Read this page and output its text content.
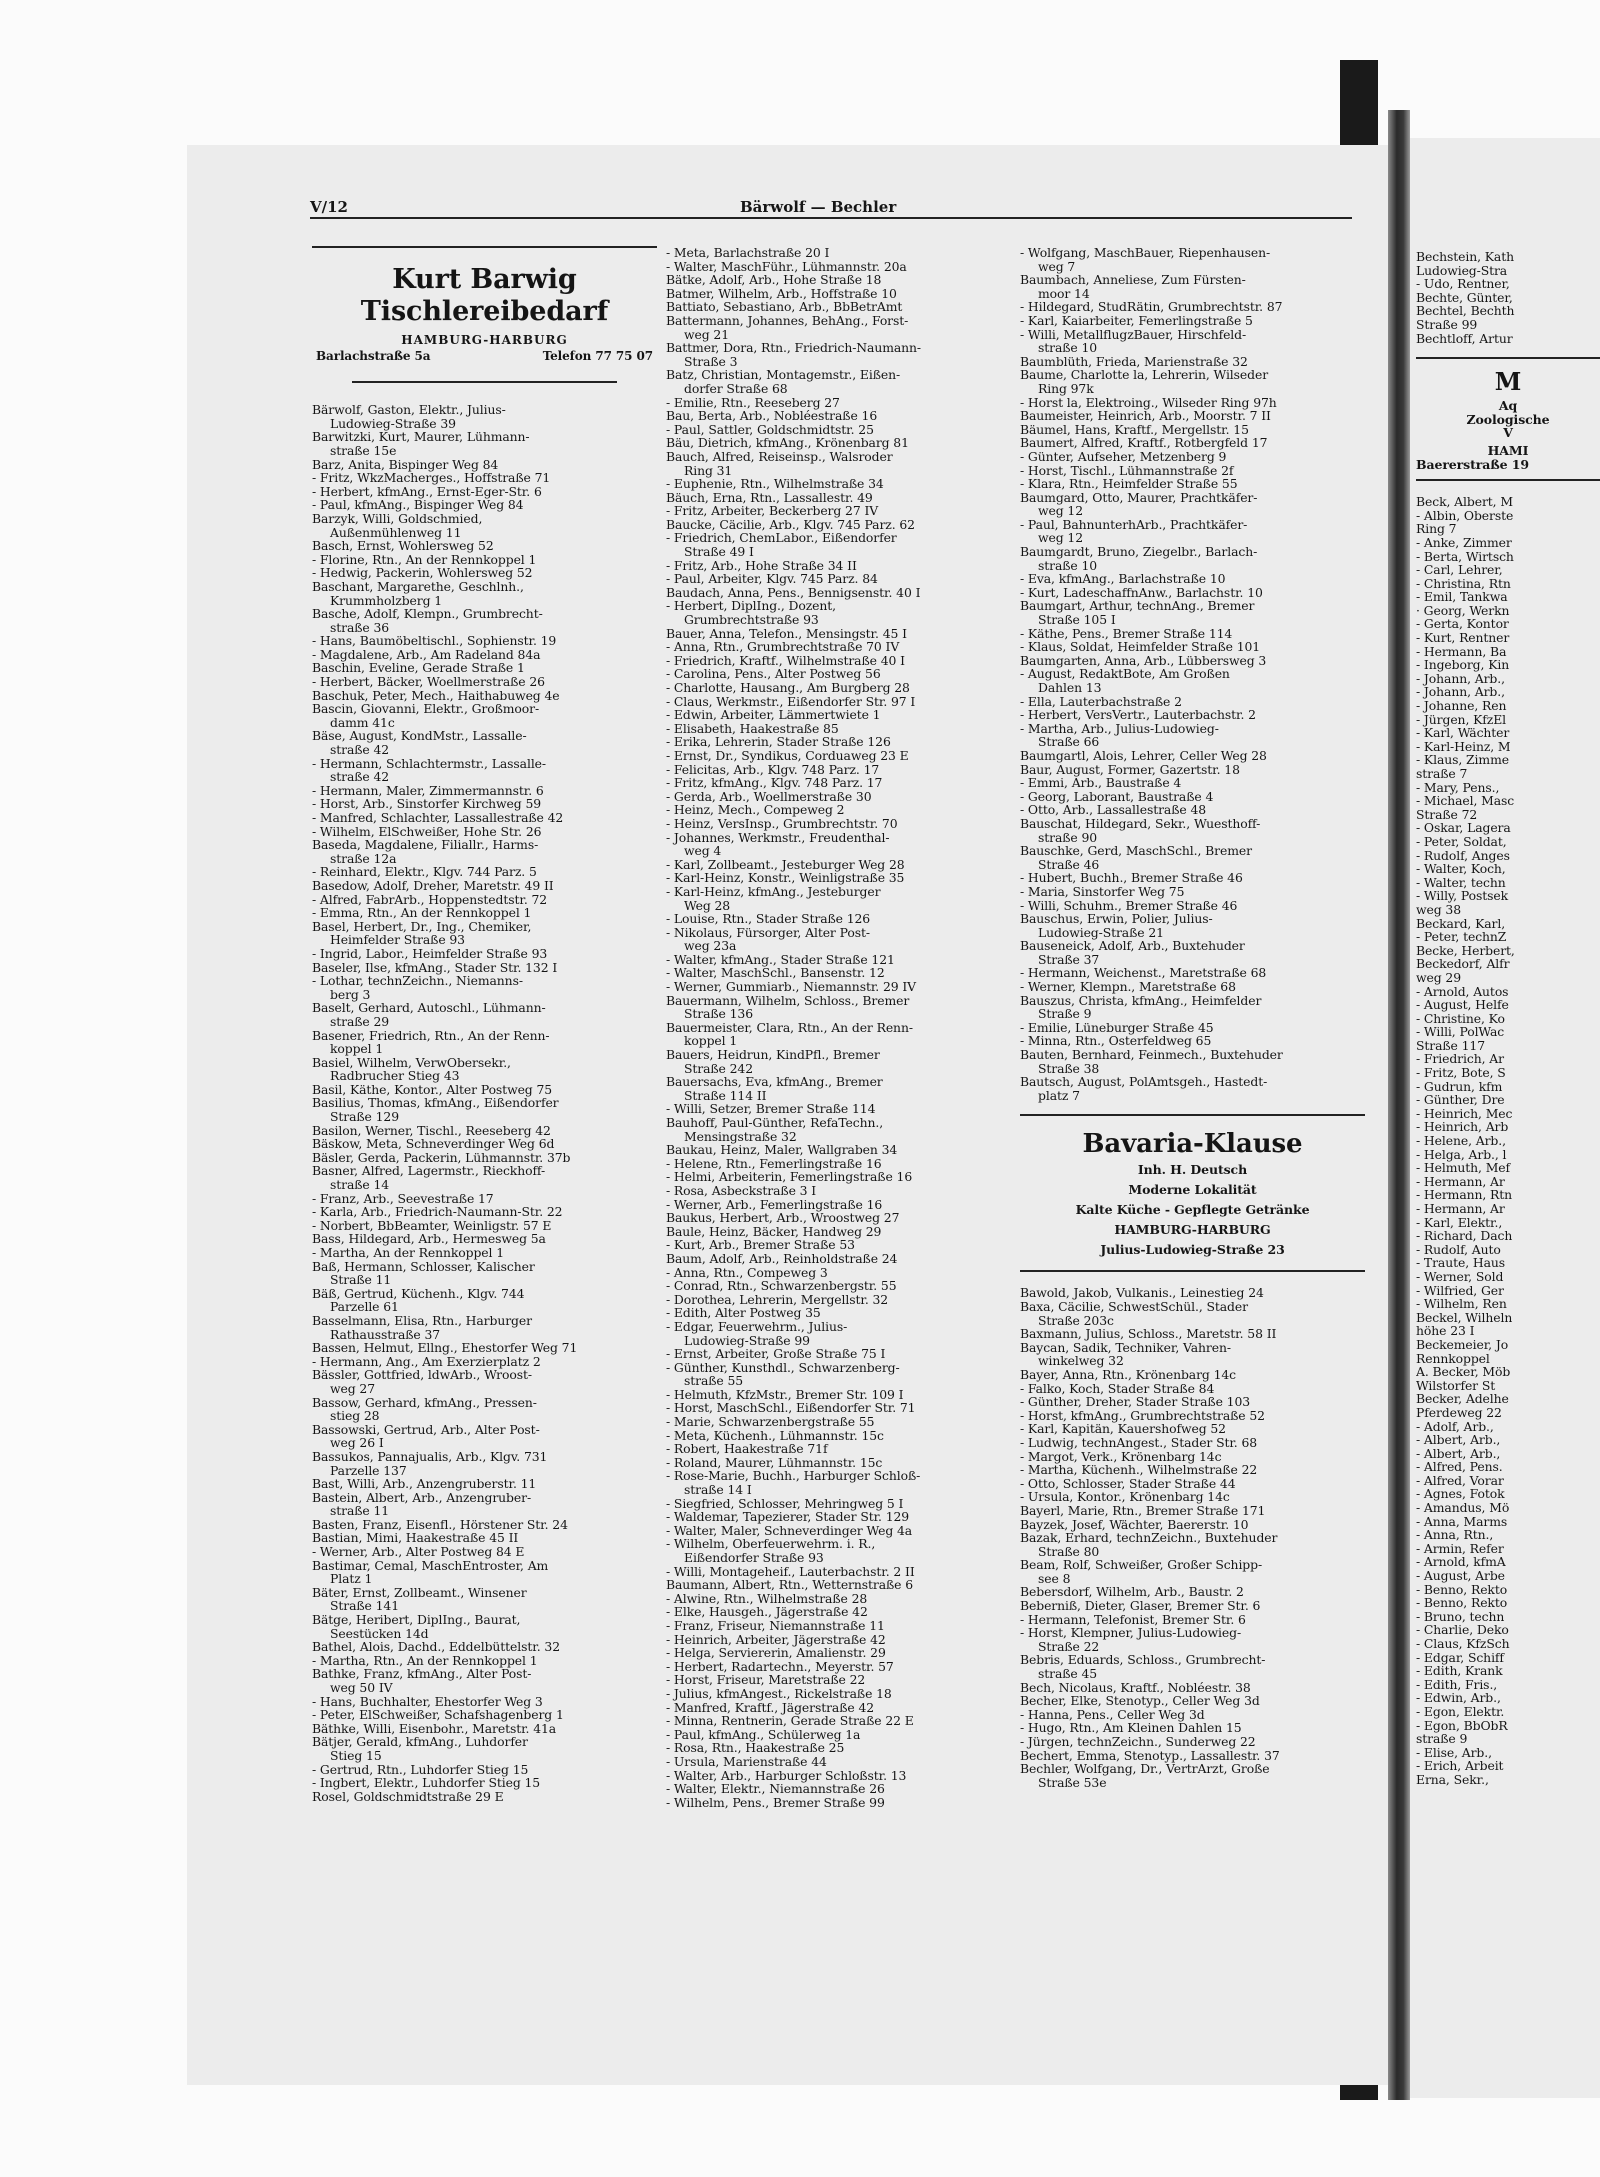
V/12	Bärwolf — Bechler
Kurt Barwig
Tischlereibedarf
HAMBURG-HARBURG
Barlachstraße 5a	Telefon 77 75 07
Bärwolf, Gaston, Elektr., Julius-
Ludowieg-Straße 39
Barwitzki, Kurt, Maurer, Lühmann-
straße 15e
Barz, Anita, Bispinger Weg 84
- Fritz, WkzMacherges., Hoffstraße 71
- Herbert, kfmAng., Ernst-Eger-Str. 6
- Paul, kfmAng., Bispinger Weg 84
Barzyk, Willi, Goldschmied,
Außenmühlenweg 11
Basch, Ernst, Wohlersweg 52
- Florine, Rtn., An der Rennkoppel 1
- Hedwig, Packerin, Wohlersweg 52
Baschant, Margarethe, Geschlnh.,
Krummholzberg 1
Basche, Adolf, Klempn., Grumbrecht-
straße 36
- Hans, Baumöbeltischl., Sophienstr. 19
- Magdalene, Arb., Am Radeland 84a
Baschin, Eveline, Gerade Straße 1
- Herbert, Bäcker, Woellmerstraße 26
Baschuk, Peter, Mech., Haithabuweg 4e
Bascin, Giovanni, Elektr., Großmoor-
damm 41c
Bäse, August, KondMstr., Lassalle-
straße 42
- Hermann, Schlachtermstr., Lassalle-
straße 42
- Hermann, Maler, Zimmermannstr. 6
- Horst, Arb., Sinstorfer Kirchweg 59
- Manfred, Schlachter, Lassallestraße 42
- Wilhelm, ElSchweißer, Hohe Str. 26
Baseda, Magdalene, Filiallr., Harms-
straße 12a
- Reinhard, Elektr., Klgv. 744 Parz. 5
Basedow, Adolf, Dreher, Maretstr. 49 II
- Alfred, FabrArb., Hoppenstedtstr. 72
- Emma, Rtn., An der Rennkoppel 1
Basel, Herbert, Dr., Ing., Chemiker,
Heimfelder Straße 93
- Ingrid, Labor., Heimfelder Straße 93
Baseler, Ilse, kfmAng., Stader Str. 132 I
- Lothar, technZeichn., Niemanns-
berg 3
Baselt, Gerhard, Autoschl., Lühmann-
straße 29
Basener, Friedrich, Rtn., An der Renn-
koppel 1
Basiel, Wilhelm, VerwObersekr.,
Radbrucher Stieg 43
Basil, Käthe, Kontor., Alter Postweg 75
Basilius, Thomas, kfmAng., Eißendorfer
Straße 129
Basilon, Werner, Tischl., Reeseberg 42
Bäskow, Meta, Schneverdinger Weg 6d
Bäsler, Gerda, Packerin, Lühmannstr. 37b
Basner, Alfred, Lagermstr., Rieckhoff-
straße 14
- Franz, Arb., Seevestraße 17
- Karla, Arb., Friedrich-Naumann-Str. 22
- Norbert, BbBeamter, Weinligstr. 57 E
Bass, Hildegard, Arb., Hermesweg 5a
- Martha, An der Rennkoppel 1
Baß, Hermann, Schlosser, Kalischer
Straße 11
Bäß, Gertrud, Küchenh., Klgv. 744
Parzelle 61
Basselmann, Elisa, Rtn., Harburger
Rathausstraße 37
Bassen, Helmut, Ellng., Ehestorfer Weg 71
- Hermann, Ang., Am Exerzierplatz 2
Bässler, Gottfried, ldwArb., Wroost-
weg 27
Bassow, Gerhard, kfmAng., Pressen-
stieg 28
Bassowski, Gertrud, Arb., Alter Post-
weg 26 I
Bassukos, Pannajualis, Arb., Klgv. 731
Parzelle 137
Bast, Willi, Arb., Anzengruberstr. 11
Bastein, Albert, Arb., Anzengruber-
straße 11
Basten, Franz, Eisenfl., Hörstener Str. 24
Bastian, Mimi, Haakestraße 45 II
- Werner, Arb., Alter Postweg 84 E
Bastimar, Cemal, MaschEntroster, Am
Platz 1
Bäter, Ernst, Zollbeamt., Winsener
Straße 141
Bätge, Heribert, DiplIng., Baurat,
Seestücken 14d
Bathel, Alois, Dachd., Eddelbüttelstr. 32
- Martha, Rtn., An der Rennkoppel 1
Bathke, Franz, kfmAng., Alter Post-
weg 50 IV
- Hans, Buchhalter, Ehestorfer Weg 3
- Peter, ElSchweißer, Schafshagenberg 1
Bäthke, Willi, Eisenbohr., Maretstr. 41a
Bätjer, Gerald, kfmAng., Luhdorfer
Stieg 15
- Gertrud, Rtn., Luhdorfer Stieg 15
- Ingbert, Elektr., Luhdorfer Stieg 15
Rosel, Goldschmidtstraße 29 E
- Meta, Barlachstraße 20 I
- Walter, MaschFühr., Lühmannstr. 20a
Bätke, Adolf, Arb., Hohe Straße 18
Batmer, Wilhelm, Arb., Hoffstraße 10
Battiato, Sebastiano, Arb., BbBetrAmt
Battermann, Johannes, BehAng., Forst-
weg 21
Battmer, Dora, Rtn., Friedrich-Naumann-
Straße 3
Batz, Christian, Montagemstr., Eißen-
dorfer Straße 68
- Emilie, Rtn., Reeseberg 27
Bau, Berta, Arb., Nobléestraße 16
- Paul, Sattler, Goldschmidtstr. 25
Bäu, Dietrich, kfmAng., Krönenbarg 81
Bauch, Alfred, Reiseinsp., Walsroder
Ring 31
- Euphenie, Rtn., Wilhelmstraße 34
Bäuch, Erna, Rtn., Lassallestr. 49
- Fritz, Arbeiter, Beckerberg 27 IV
Baucke, Cäcilie, Arb., Klgv. 745 Parz. 62
- Friedrich, ChemLabor., Eißendorfer
Straße 49 I
- Fritz, Arb., Hohe Straße 34 II
- Paul, Arbeiter, Klgv. 745 Parz. 84
Baudach, Anna, Pens., Bennigsenstr. 40 I
- Herbert, DiplIng., Dozent,
Grumbrechtstraße 93
Bauer, Anna, Telefon., Mensingstr. 45 I
- Anna, Rtn., Grumbrechtstraße 70 IV
- Friedrich, Kraftf., Wilhelmstraße 40 I
- Carolina, Pens., Alter Postweg 56
- Charlotte, Hausang., Am Burgberg 28
- Claus, Werkmstr., Eißendorfer Str. 97 I
- Edwin, Arbeiter, Lämmertwiete 1
- Elisabeth, Haakestraße 85
- Erika, Lehrerin, Stader Straße 126
- Ernst, Dr., Syndikus, Corduaweg 23 E
- Felicitas, Arb., Klgv. 748 Parz. 17
- Fritz, kfmAng., Klgv. 748 Parz. 17
- Gerda, Arb., Woellmerstraße 30
- Heinz, Mech., Compeweg 2
- Heinz, VersInsp., Grumbrechtstr. 70
- Johannes, Werkmstr., Freudenthal-
weg 4
- Karl, Zollbeamt., Jesteburger Weg 28
- Karl-Heinz, Konstr., Weinligstraße 35
- Karl-Heinz, kfmAng., Jesteburger
Weg 28
- Louise, Rtn., Stader Straße 126
- Nikolaus, Fürsorger, Alter Post-
weg 23a
- Walter, kfmAng., Stader Straße 121
- Walter, MaschSchl., Bansenstr. 12
- Werner, Gummiarb., Niemannstr. 29 IV
Bauermann, Wilhelm, Schloss., Bremer
Straße 136
Bauermeister, Clara, Rtn., An der Renn-
koppel 1
Bauers, Heidrun, KindPfl., Bremer
Straße 242
Bauersachs, Eva, kfmAng., Bremer
Straße 114 II
- Willi, Setzer, Bremer Straße 114
Bauhoff, Paul-Günther, RefaTechn.,
Mensingstraße 32
Baukau, Heinz, Maler, Wallgraben 34
- Helene, Rtn., Femerlingstraße 16
- Helmi, Arbeiterin, Femerlingstraße 16
- Rosa, Asbeckstraße 3 I
- Werner, Arb., Femerlingstraße 16
Baukus, Herbert, Arb., Wroostweg 27
Baule, Heinz, Bäcker, Handweg 29
- Kurt, Arb., Bremer Straße 53
Baum, Adolf, Arb., Reinholdstraße 24
- Anna, Rtn., Compeweg 3
- Conrad, Rtn., Schwarzenbergstr. 55
- Dorothea, Lehrerin, Mergellstr. 32
- Edith, Alter Postweg 35
- Edgar, Feuerwehrm., Julius-
Ludowieg-Straße 99
- Ernst, Arbeiter, Große Straße 75 I
- Günther, Kunsthdl., Schwarzenberg-
straße 55
- Helmuth, KfzMstr., Bremer Str. 109 I
- Horst, MaschSchl., Eißendorfer Str. 71
- Marie, Schwarzenbergstraße 55
- Meta, Küchenh., Lühmannstr. 15c
- Robert, Haakestraße 71f
- Roland, Maurer, Lühmannstr. 15c
- Rose-Marie, Buchh., Harburger Schloß-
straße 14 I
- Siegfried, Schlosser, Mehringweg 5 I
- Waldemar, Tapezierer, Stader Str. 129
- Walter, Maler, Schneverdinger Weg 4a
- Wilhelm, Oberfeuerwehrm. i. R.,
Eißendorfer Straße 93
- Willi, Montageheif., Lauterbachstr. 2 II
Baumann, Albert, Rtn., Wetternstraße 6
- Alwine, Rtn., Wilhelmstraße 28
- Elke, Hausgeh., Jägerstraße 42
- Franz, Friseur, Niemannstraße 11
- Heinrich, Arbeiter, Jägerstraße 42
- Helga, Serviererin, Amalienstr. 29
- Herbert, Radartechn., Meyerstr. 57
- Horst, Friseur, Maretstraße 22
- Julius, kfmAngest., Rickelstraße 18
- Manfred, Kraftf., Jägerstraße 42
- Minna, Rentnerin, Gerade Straße 22 E
- Paul, kfmAng., Schülerweg 1a
- Rosa, Rtn., Haakestraße 25
- Ursula, Marienstraße 44
- Walter, Arb., Harburger Schloßstr. 13
- Walter, Elektr., Niemannstraße 26
- Wilhelm, Pens., Bremer Straße 99
- Wolfgang, MaschBauer, Riepenhausen-
weg 7
Baumbach, Anneliese, Zum Fürsten-
moor 14
- Hildegard, StudRätin, Grumbrechtstr. 87
- Karl, Kaiarbeiter, Femerlingstraße 5
- Willi, MetallflugzBauer, Hirschfeld-
straße 10
Baumblüth, Frieda, Marienstraße 32
Baume, Charlotte la, Lehrerin, Wilseder
Ring 97k
- Horst la, Elektroing., Wilseder Ring 97h
Baumeister, Heinrich, Arb., Moorstr. 7 II
Bäumel, Hans, Kraftf., Mergellstr. 15
Baumert, Alfred, Kraftf., Rotbergfeld 17
- Günter, Aufseher, Metzenberg 9
- Horst, Tischl., Lühmannstraße 2f
- Klara, Rtn., Heimfelder Straße 55
Baumgard, Otto, Maurer, Prachtkäfer-
weg 12
- Paul, BahnunterhArb., Prachtkäfer-
weg 12
Baumgardt, Bruno, Ziegelbr., Barlach-
straße 10
- Eva, kfmAng., Barlachstraße 10
- Kurt, LadeschaffnAnw., Barlachstr. 10
Baumgart, Arthur, technAng., Bremer
Straße 105 I
- Käthe, Pens., Bremer Straße 114
- Klaus, Soldat, Heimfelder Straße 101
Baumgarten, Anna, Arb., Lübbersweg 3
- August, RedaktBote, Am Großen
Dahlen 13
- Ella, Lauterbachstraße 2
- Herbert, VersVertr., Lauterbachstr. 2
- Martha, Arb., Julius-Ludowieg-
Straße 66
Baumgartl, Alois, Lehrer, Celler Weg 28
Baur, August, Former, Gazertstr. 18
- Emmi, Arb., Baustraße 4
- Georg, Laborant, Baustraße 4
- Otto, Arb., Lassallestraße 48
Bauschat, Hildegard, Sekr., Wuesthoff-
straße 90
Bauschke, Gerd, MaschSchl., Bremer
Straße 46
- Hubert, Buchh., Bremer Straße 46
- Maria, Sinstorfer Weg 75
- Willi, Schuhm., Bremer Straße 46
Bauschus, Erwin, Polier, Julius-
Ludowieg-Straße 21
Bauseneick, Adolf, Arb., Buxtehuder
Straße 37
- Hermann, Weichenst., Maretstraße 68
- Werner, Klempn., Maretstraße 68
Bauszus, Christa, kfmAng., Heimfelder
Straße 9
- Emilie, Lüneburger Straße 45
- Minna, Rtn., Osterfeldweg 65
Bauten, Bernhard, Feinmech., Buxtehuder
Straße 38
Bautsch, August, PolAmtsgeh., Hastedt-
platz 7
Bavaria-Klause
Inh. H. Deutsch
Moderne Lokalität
Kalte Küche - Gepflegte Getränke
HAMBURG-HARBURG
Julius-Ludowieg-Straße 23
Bawold, Jakob, Vulkanis., Leinestieg 24
Baxa, Cäcilie, SchwestSchül., Stader
Straße 203c
Baxmann, Julius, Schloss., Maretstr. 58 II
Baycan, Sadik, Techniker, Vahren-
winkelweg 32
Bayer, Anna, Rtn., Krönenbarg 14c
- Falko, Koch, Stader Straße 84
- Günther, Dreher, Stader Straße 103
- Horst, kfmAng., Grumbrechtstraße 52
- Karl, Kapitän, Kauershofweg 52
- Ludwig, technAngest., Stader Str. 68
- Margot, Verk., Krönenbarg 14c
- Martha, Küchenh., Wilhelmstraße 22
- Otto, Schlosser, Stader Straße 44
- Ursula, Kontor., Krönenbarg 14c
Bayerl, Marie, Rtn., Bremer Straße 171
Bayzek, Josef, Wächter, Baererstr. 10
Bazak, Erhard, technZeichn., Buxtehuder
Straße 80
Beam, Rolf, Schweißer, Großer Schipp-
see 8
Bebersdorf, Wilhelm, Arb., Baustr. 2
Beberniß, Dieter, Glaser, Bremer Str. 6
- Hermann, Telefonist, Bremer Str. 6
- Horst, Klempner, Julius-Ludowieg-
Straße 22
Bebris, Eduards, Schloss., Grumbrecht-
straße 45
Bech, Nicolaus, Kraftf., Nobléestr. 38
Becher, Elke, Stenotyp., Celler Weg 3d
- Hanna, Pens., Celler Weg 3d
- Hugo, Rtn., Am Kleinen Dahlen 15
- Jürgen, technZeichn., Sunderweg 22
Bechert, Emma, Stenotyp., Lassallestr. 37
Bechler, Wolfgang, Dr., VertrArzt, Große
Straße 53e
Bechstein, Kath
Ludowieg-Stra
- Udo, Rentner,
Bechte, Günter,
Bechtel, Bechth
Straße 99
Bechtloff, Artur
M
Aq
Zoologische
V
HAMI
Baererstraße 19
Beck, Albert, M
- Albin, Oberste
Ring 7
- Anke, Zimmer
- Berta, Wirtsch
- Carl, Lehrer,
- Christina, Rtn
- Emil, Tankwa
· Georg, Werkn
- Gerta, Kontor
- Kurt, Rentner
- Hermann, Ba
- Ingeborg, Kin
- Johann, Arb.,
- Johann, Arb.,
- Johanne, Ren
- Jürgen, KfzEl
- Karl, Wächter
- Karl-Heinz, M
- Klaus, Zimme
straße 7
- Mary, Pens.,
- Michael, Masc
Straße 72
- Oskar, Lagera
- Peter, Soldat,
- Rudolf, Anges
- Walter, Koch,
- Walter, techn
- Willy, Postsek
weg 38
Beckard, Karl,
- Peter, technZ
Becke, Herbert,
Beckedorf, Alfr
weg 29
- Arnold, Autos
- August, Helfe
- Christine, Ko
- Willi, PolWac
Straße 117
- Friedrich, Ar
- Fritz, Bote, S
- Gudrun, kfm
- Günther, Dre
- Heinrich, Mec
- Heinrich, Arb
- Helene, Arb.,
- Helga, Arb., l
- Helmuth, Mef
- Hermann, Ar
- Hermann, Rtn
- Hermann, Ar
- Karl, Elektr.,
- Richard, Dach
- Rudolf, Auto
- Traute, Haus
- Werner, Sold
- Wilfried, Ger
- Wilhelm, Ren
Beckel, Wilheln
höhe 23 I
Beckemeier, Jo
Rennkoppel
A. Becker, Möb
Wilstorfer St
Becker, Adelhe
Pferdeweg 22
- Adolf, Arb.,
- Albert, Arb.,
- Albert, Arb.,
- Alfred, Pens.
- Alfred, Vorar
- Agnes, Fotok
- Amandus, Mö
- Anna, Marms
- Anna, Rtn.,
- Armin, Refer
- Arnold, kfmA
- August, Arbe
- Benno, Rekto
- Benno, Rekto
- Bruno, techn
- Charlie, Deko
- Claus, KfzSch
- Edgar, Schiff
- Edith, Krank
- Edith, Fris.,
- Edwin, Arb.,
- Egon, Elektr.
- Egon, BbObR
straße 9
- Elise, Arb.,
- Erich, Arbeit
Erna, Sekr.,
